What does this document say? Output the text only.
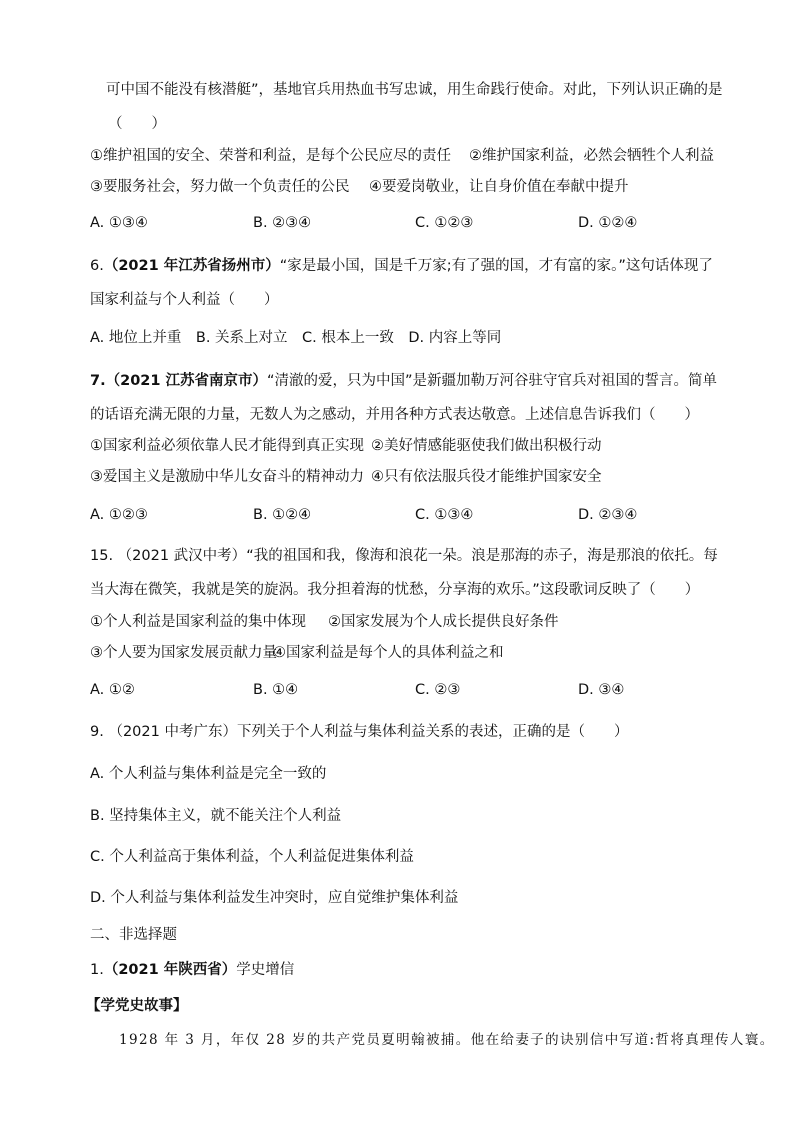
可中国不能没有核潜艇”，基地官兵用热血书写忠诚，用生命践行使命。对此，下列认识正确的是
（　　）
①维护祖国的安全、荣誉和利益，是每个公民应尽的责任 ②维护国家利益，必然会牺牲个人利益
③要服务社会，努力做一个负责任的公民 ④要爱岗敬业，让自身价值在奉献中提升
A. ①③④	B. ②③④	C. ①②③	D. ①②④
6.（2021 年江苏省扬州市）“家是最小国，国是千万家;有了强的国，才有富的家。”这句话体现了
国家利益与个人利益（　　）
A. 地位上并重　B. 关系上对立　C. 根本上一致　D. 内容上等同
7.（2021 江苏省南京市）“清澈的爱，只为中国”是新疆加勒万河谷驻守官兵对祖国的誓言。简单
的话语充满无限的力量，无数人为之感动，并用各种方式表达敬意。上述信息告诉我们（　　）
①国家利益必须依靠人民才能得到真正实现 ②美好情感能驱使我们做出积极行动
③爱国主义是激励中华儿女奋斗的精神动力 ④只有依法服兵役才能维护国家安全
A. ①②③	B. ①②④	C. ①③④	D. ②③④
15. （2021 武汉中考）“我的祖国和我，像海和浪花一朵。浪是那海的赤子，海是那浪的依托。每
当大海在微笑，我就是笑的旋涡。我分担着海的忧愁，分享海的欢乐。”这段歌词反映了（　　）
①个人利益是国家利益的集中体现 ②国家发展为个人成长提供良好条件
③个人要为国家发展贡献力量
④国家利益是每个人的具体利益之和
A. ①②	B. ①④	C. ②③	D. ③④
9. （2021 中考广东）下列关于个人利益与集体利益关系的表述，正确的是（　　）
A. 个人利益与集体利益是完全一致的
B. 坚持集体主义，就不能关注个人利益
C. 个人利益高于集体利益，个人利益促进集体利益
D. 个人利益与集体利益发生冲突时，应自觉维护集体利益
二、非选择题
1.（2021 年陕西省）学史增信
【学党史故事】
1928 年 3 月，年仅 28 岁的共产党员夏明翰被捕。他在给妻子的诀别信中写道:哲将真理传人寰。
